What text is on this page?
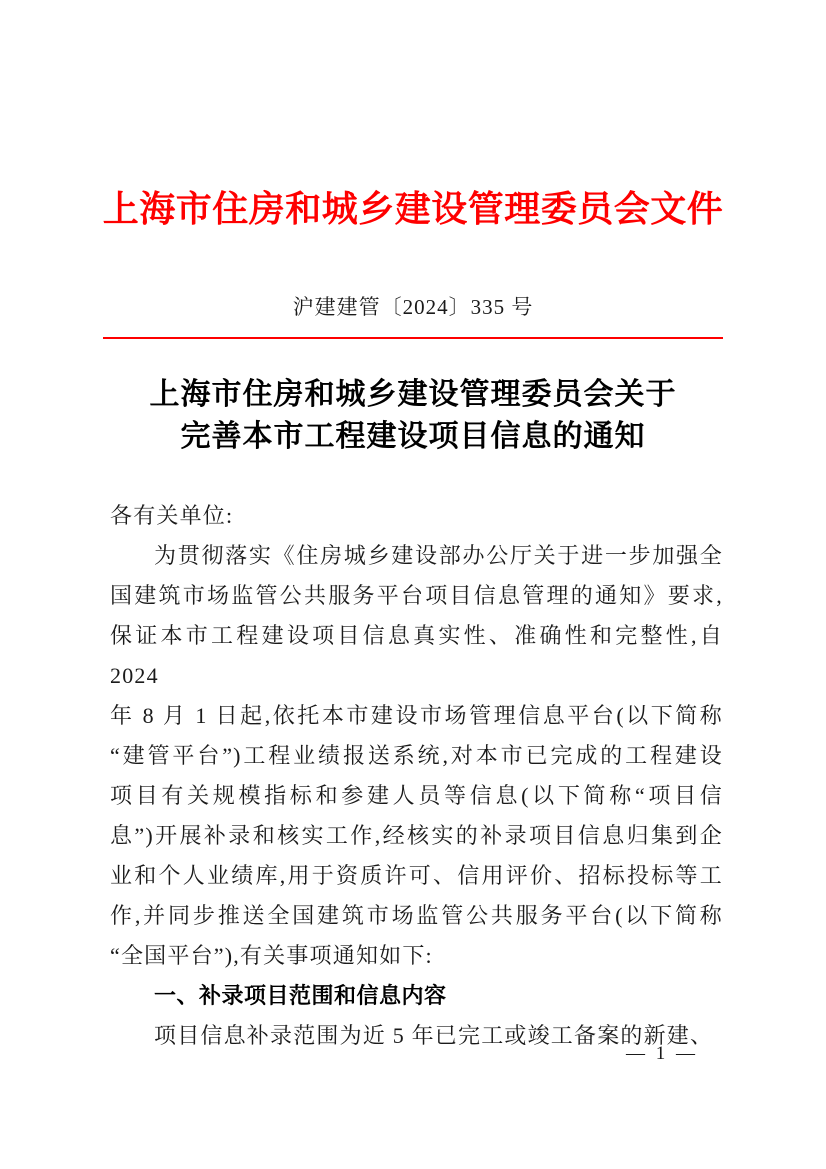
上海市住房和城乡建设管理委员会文件
沪建建管〔2024〕335 号
上海市住房和城乡建设管理委员会关于
完善本市工程建设项目信息的通知
各有关单位:
为贯彻落实《住房城乡建设部办公厅关于进一步加强全
国建筑市场监管公共服务平台项目信息管理的通知》要求,
保证本市工程建设项目信息真实性、准确性和完整性,自 2024
年 8 月 1 日起,依托本市建设市场管理信息平台(以下简称
“建管平台”)工程业绩报送系统,对本市已完成的工程建设
项目有关规模指标和参建人员等信息(以下简称“项目信
息”)开展补录和核实工作,经核实的补录项目信息归集到企
业和个人业绩库,用于资质许可、信用评价、招标投标等工
作,并同步推送全国建筑市场监管公共服务平台(以下简称
“全国平台”),有关事项通知如下:
一、补录项目范围和信息内容
项目信息补录范围为近 5 年已完工或竣工备案的新建、
— 1 —
